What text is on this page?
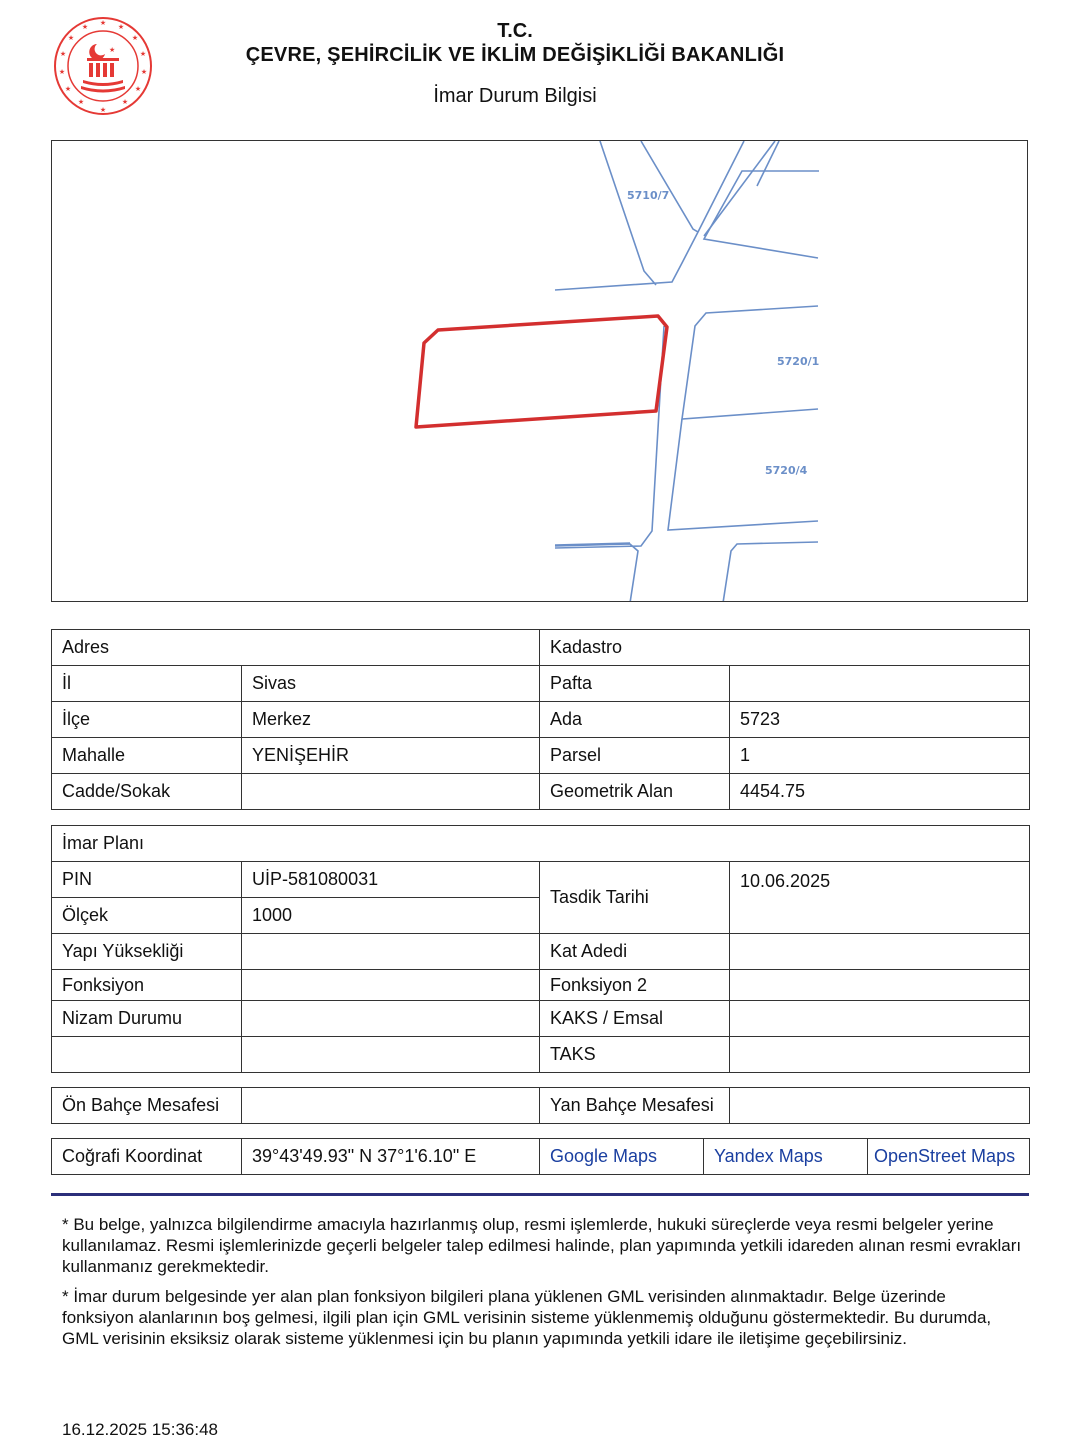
★ ★
★
★
★
★
★
★
★
★
★
★
★
★
★
T.C.
ÇEVRE, ŞEHİRCİLİK VE İKLİM DEĞİŞİKLİĞİ BAKANLIĞI
İmar Durum Bilgisi
5710/7
5720/1
5720/4
Adres		Kadastro	
İl	Sivas	Pafta	
İlçe	Merkez	Ada	5723
Mahalle	YENİŞEHİR	Parsel	1
Cadde/Sokak		Geometrik Alan	4454.75
İmar Planı			
PIN	UİP-581080031	Tasdik Tarihi	10.06.2025
Ölçek	1000		
Yapı Yüksekliği		Kat Adedi	
Fonksiyon		Fonksiyon 2	
Nizam Durumu		KAKS / Emsal	
		TAKS	
Ön Bahçe Mesafesi		Yan Bahçe Mesafesi	
Coğrafi Koordinat	39°43'49.93" N 37°1'6.10" E	Google Maps	Yandex Maps	OpenStreet Maps

* Bu belge, yalnızca bilgilendirme amacıyla hazırlanmış olup, resmi işlemlerde, hukuki süreçlerde veya resmi belgeler yerine kullanılamaz. Resmi işlemlerinizde geçerli belgeler talep edilmesi halinde, plan yapımında yetkili idareden alınan resmi evrakları kullanmanız gerekmektedir.

* İmar durum belgesinde yer alan plan fonksiyon bilgileri plana yüklenen GML verisinden alınmaktadır. Belge üzerinde fonksiyon alanlarının boş gelmesi, ilgili plan için GML verisinin sisteme yüklenmemiş olduğunu göstermektedir. Bu durumda, GML verisinin eksiksiz olarak sisteme yüklenmesi için bu planın yapımında yetkili idare ile iletişime geçebilirsiniz.

16.12.2025 15:36:48
